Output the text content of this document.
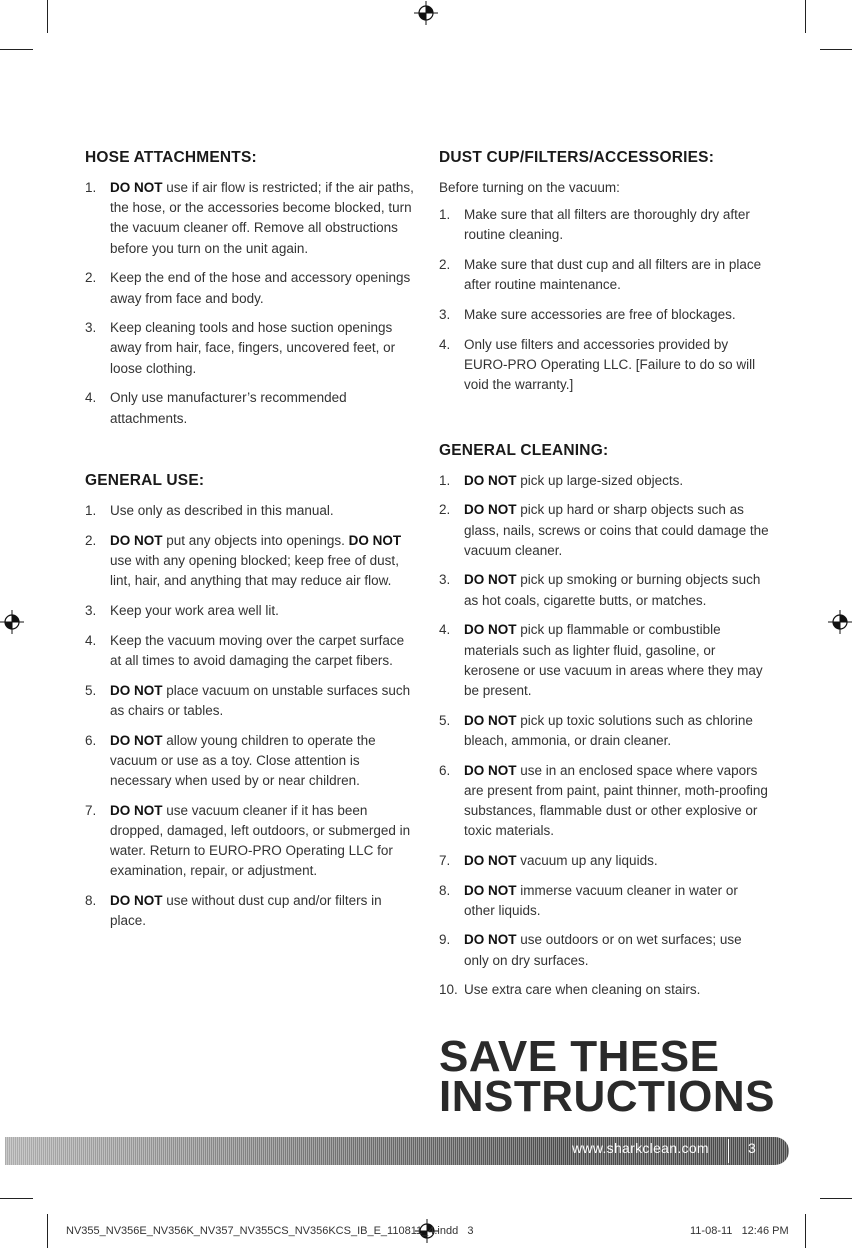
HOSE ATTACHMENTS:
1. DO NOT use if air flow is restricted; if the air paths, the hose, or the accessories become blocked, turn the vacuum cleaner off. Remove all obstructions before you turn on the unit again.
2. Keep the end of the hose and accessory openings away from face and body.
3. Keep cleaning tools and hose suction openings away from hair, face, fingers, uncovered feet, or loose clothing.
4. Only use manufacturer’s recommended attachments.
GENERAL USE:
1. Use only as described in this manual.
2. DO NOT put any objects into openings. DO NOT use with any opening blocked; keep free of dust, lint, hair, and anything that may reduce air flow.
3. Keep your work area well lit.
4. Keep the vacuum moving over the carpet surface at all times to avoid damaging the carpet fibers.
5. DO NOT place vacuum on unstable surfaces such as chairs or tables.
6. DO NOT allow young children to operate the vacuum or use as a toy. Close attention is necessary when used by or near children.
7. DO NOT use vacuum cleaner if it has been dropped, damaged, left outdoors, or submerged in water. Return to EURO-PRO Operating LLC for examination, repair, or adjustment.
8. DO NOT use without dust cup and/or filters in place.
DUST CUP/FILTERS/ACCESSORIES:

Before turning on the vacuum:

1. Make sure that all filters are thoroughly dry after routine cleaning.
2. Make sure that dust cup and all filters are in place after routine maintenance.
3. Make sure accessories are free of blockages.
4. Only use filters and accessories provided by EURO-PRO Operating LLC. [Failure to do so will void the warranty.]
GENERAL CLEANING:
1. DO NOT pick up large-sized objects.
2. DO NOT pick up hard or sharp objects such as glass, nails, screws or coins that could damage the vacuum cleaner.
3. DO NOT pick up smoking or burning objects such as hot coals, cigarette butts, or matches.
4. DO NOT pick up flammable or combustible materials such as lighter fluid, gasoline, or kerosene or use vacuum in areas where they may be present.
5. DO NOT pick up toxic solutions such as chlorine bleach, ammonia, or drain cleaner.
6. DO NOT use in an enclosed space where vapors are present from paint, paint thinner, moth-proofing substances, flammable dust or other explosive or toxic materials.
7. DO NOT vacuum up any liquids.
8. DO NOT immerse vacuum cleaner in water or other liquids.
9. DO NOT use outdoors or on wet surfaces; use only on dry surfaces.
10. Use extra care when cleaning on stairs.
SAVE THESE
INSTRUCTIONS
www.sharkclean.com	3
NV355_NV356E_NV356K_NV357_NV355CS_NV356KCS_IB_E_110811_4.indd   3	11-08-11   12:46 PM
